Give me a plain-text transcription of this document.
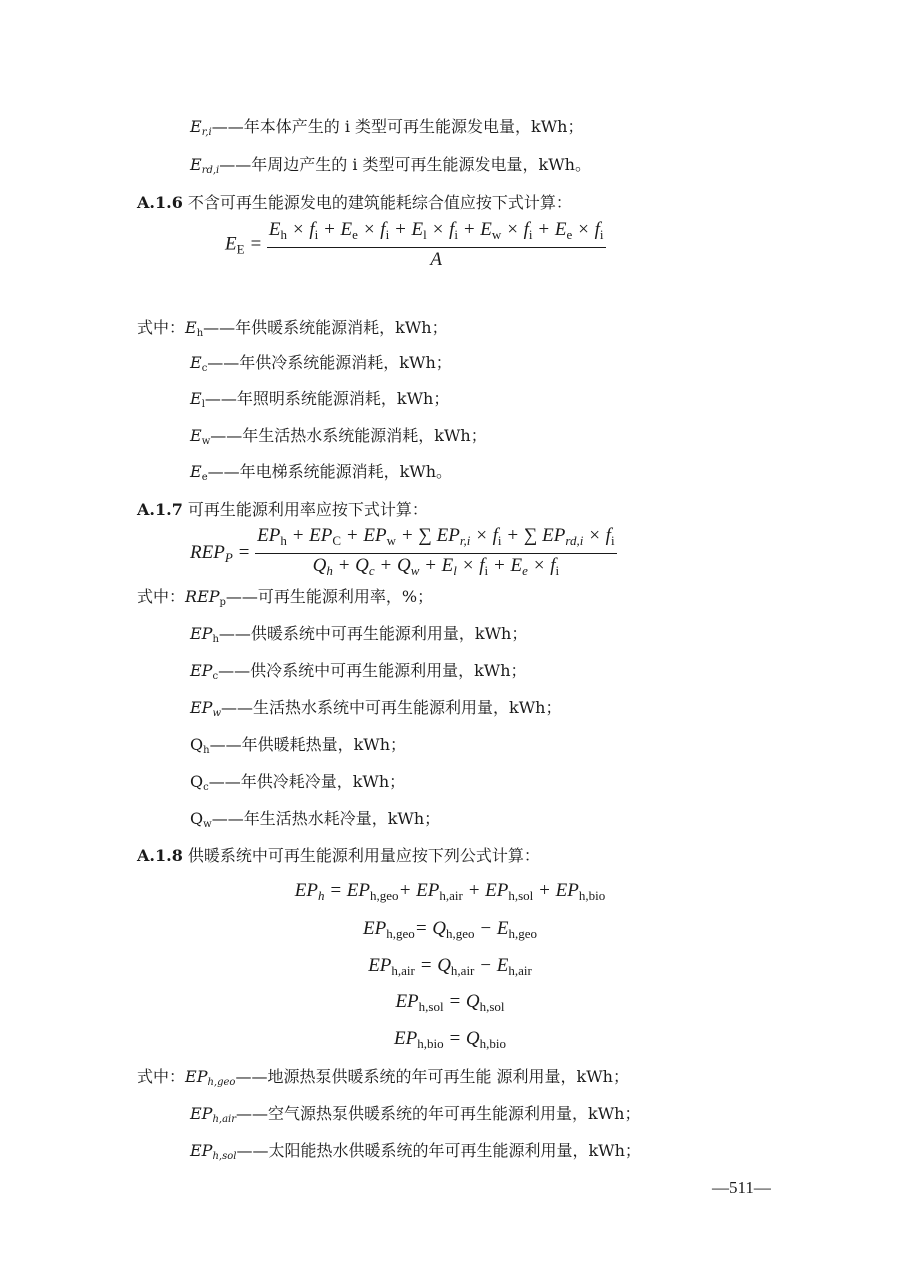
$E_{r,i}——$年本体产生的 i 类型可再生能源发电量，kWh；
$E_{rd,i}——$年周边产生的 i 类型可再生能源发电量，kWh。
A.1.6 不含可再生能源发电的建筑能耗综合值应按下式计算：
$E_E = \frac{E_h \times f_i + E_e \times f_i + E_l \times f_i + E_w \times f_i + E_e \times f_i}{A}$
式中：$E_h——$年供暖系统能源消耗，kWh；
$E_c——$年供冷系统能源消耗，kWh；
$E_l——$年照明系统能源消耗，kWh；
$E_w——$年生活热水系统能源消耗，kWh；
$E_e——$年电梯系统能源消耗，kWh。
A.1.7 可再生能源利用率应按下式计算：
$REP_P = \frac{EP_h + EP_C + EP_w + \sum EP_{r,i} \times f_i + \sum EP_{rd,i} \times f_i}{Q_h + Q_c + Q_w + E_l \times f_i + E_e \times f_i}$
式中：$REP_p——$可再生能源利用率，%；
$EP_h——$供暖系统中可再生能源利用量，kWh；
$EP_c——$供冷系统中可再生能源利用量，kWh；
$EP_w——$生活热水系统中可再生能源利用量，kWh；
$Q_h——$年供暖耗热量，kWh；
$Q_c——$年供冷耗冷量，kWh；
$Q_w——$年生活热水耗冷量，kWh；
A.1.8 供暖系统中可再生能源利用量应按下列公式计算：
$EP_h = EP_{h,geo}+ EP_{h,air} + EP_{h,sol} + EP_{h,bio}$
$EP_{h,geo}= Q_{h,geo} - E_{h,geo}$
$EP_{h,air} = Q_{h,air} - E_{h,air}$
$EP_{h,sol} = Q_{h,sol}$
$EP_{h,bio} = Q_{h,bio}$
式中：$EP_{h,geo}——$地源热泵供暖系统的年可再生能 源利用量，kWh；
$EP_{h,air}——$空气源热泵供暖系统的年可再生能源利用量，kWh；
$EP_{h,sol}——$太阳能热水供暖系统的年可再生能源利用量，kWh；
—511—
